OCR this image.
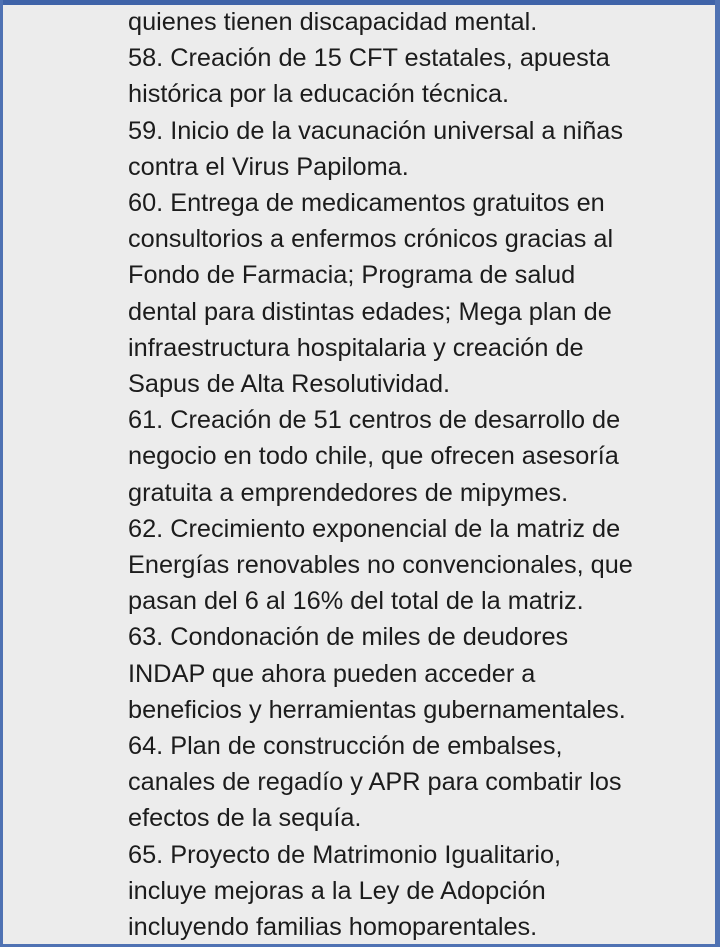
quienes tienen discapacidad mental.
58. Creación de 15 CFT estatales, apuesta
histórica por la educación técnica.
59. Inicio de la vacunación universal a niñas
contra el Virus Papiloma.
60. Entrega de medicamentos gratuitos en
consultorios a enfermos crónicos gracias al
Fondo de Farmacia; Programa de salud
dental para distintas edades; Mega plan de
infraestructura hospitalaria y creación de
Sapus de Alta Resolutividad.
61. Creación de 51 centros de desarrollo de
negocio en todo chile, que ofrecen asesoría
gratuita a emprendedores de mipymes.
62. Crecimiento exponencial de la matriz de
Energías renovables no convencionales, que
pasan del 6 al 16% del total de la matriz.
63. Condonación de miles de deudores
INDAP que ahora pueden acceder a
beneficios y herramientas gubernamentales.
64. Plan de construcción de embalses,
canales de regadío y APR para combatir los
efectos de la sequía.
65. Proyecto de Matrimonio Igualitario,
incluye mejoras a la Ley de Adopción
incluyendo familias homoparentales.
